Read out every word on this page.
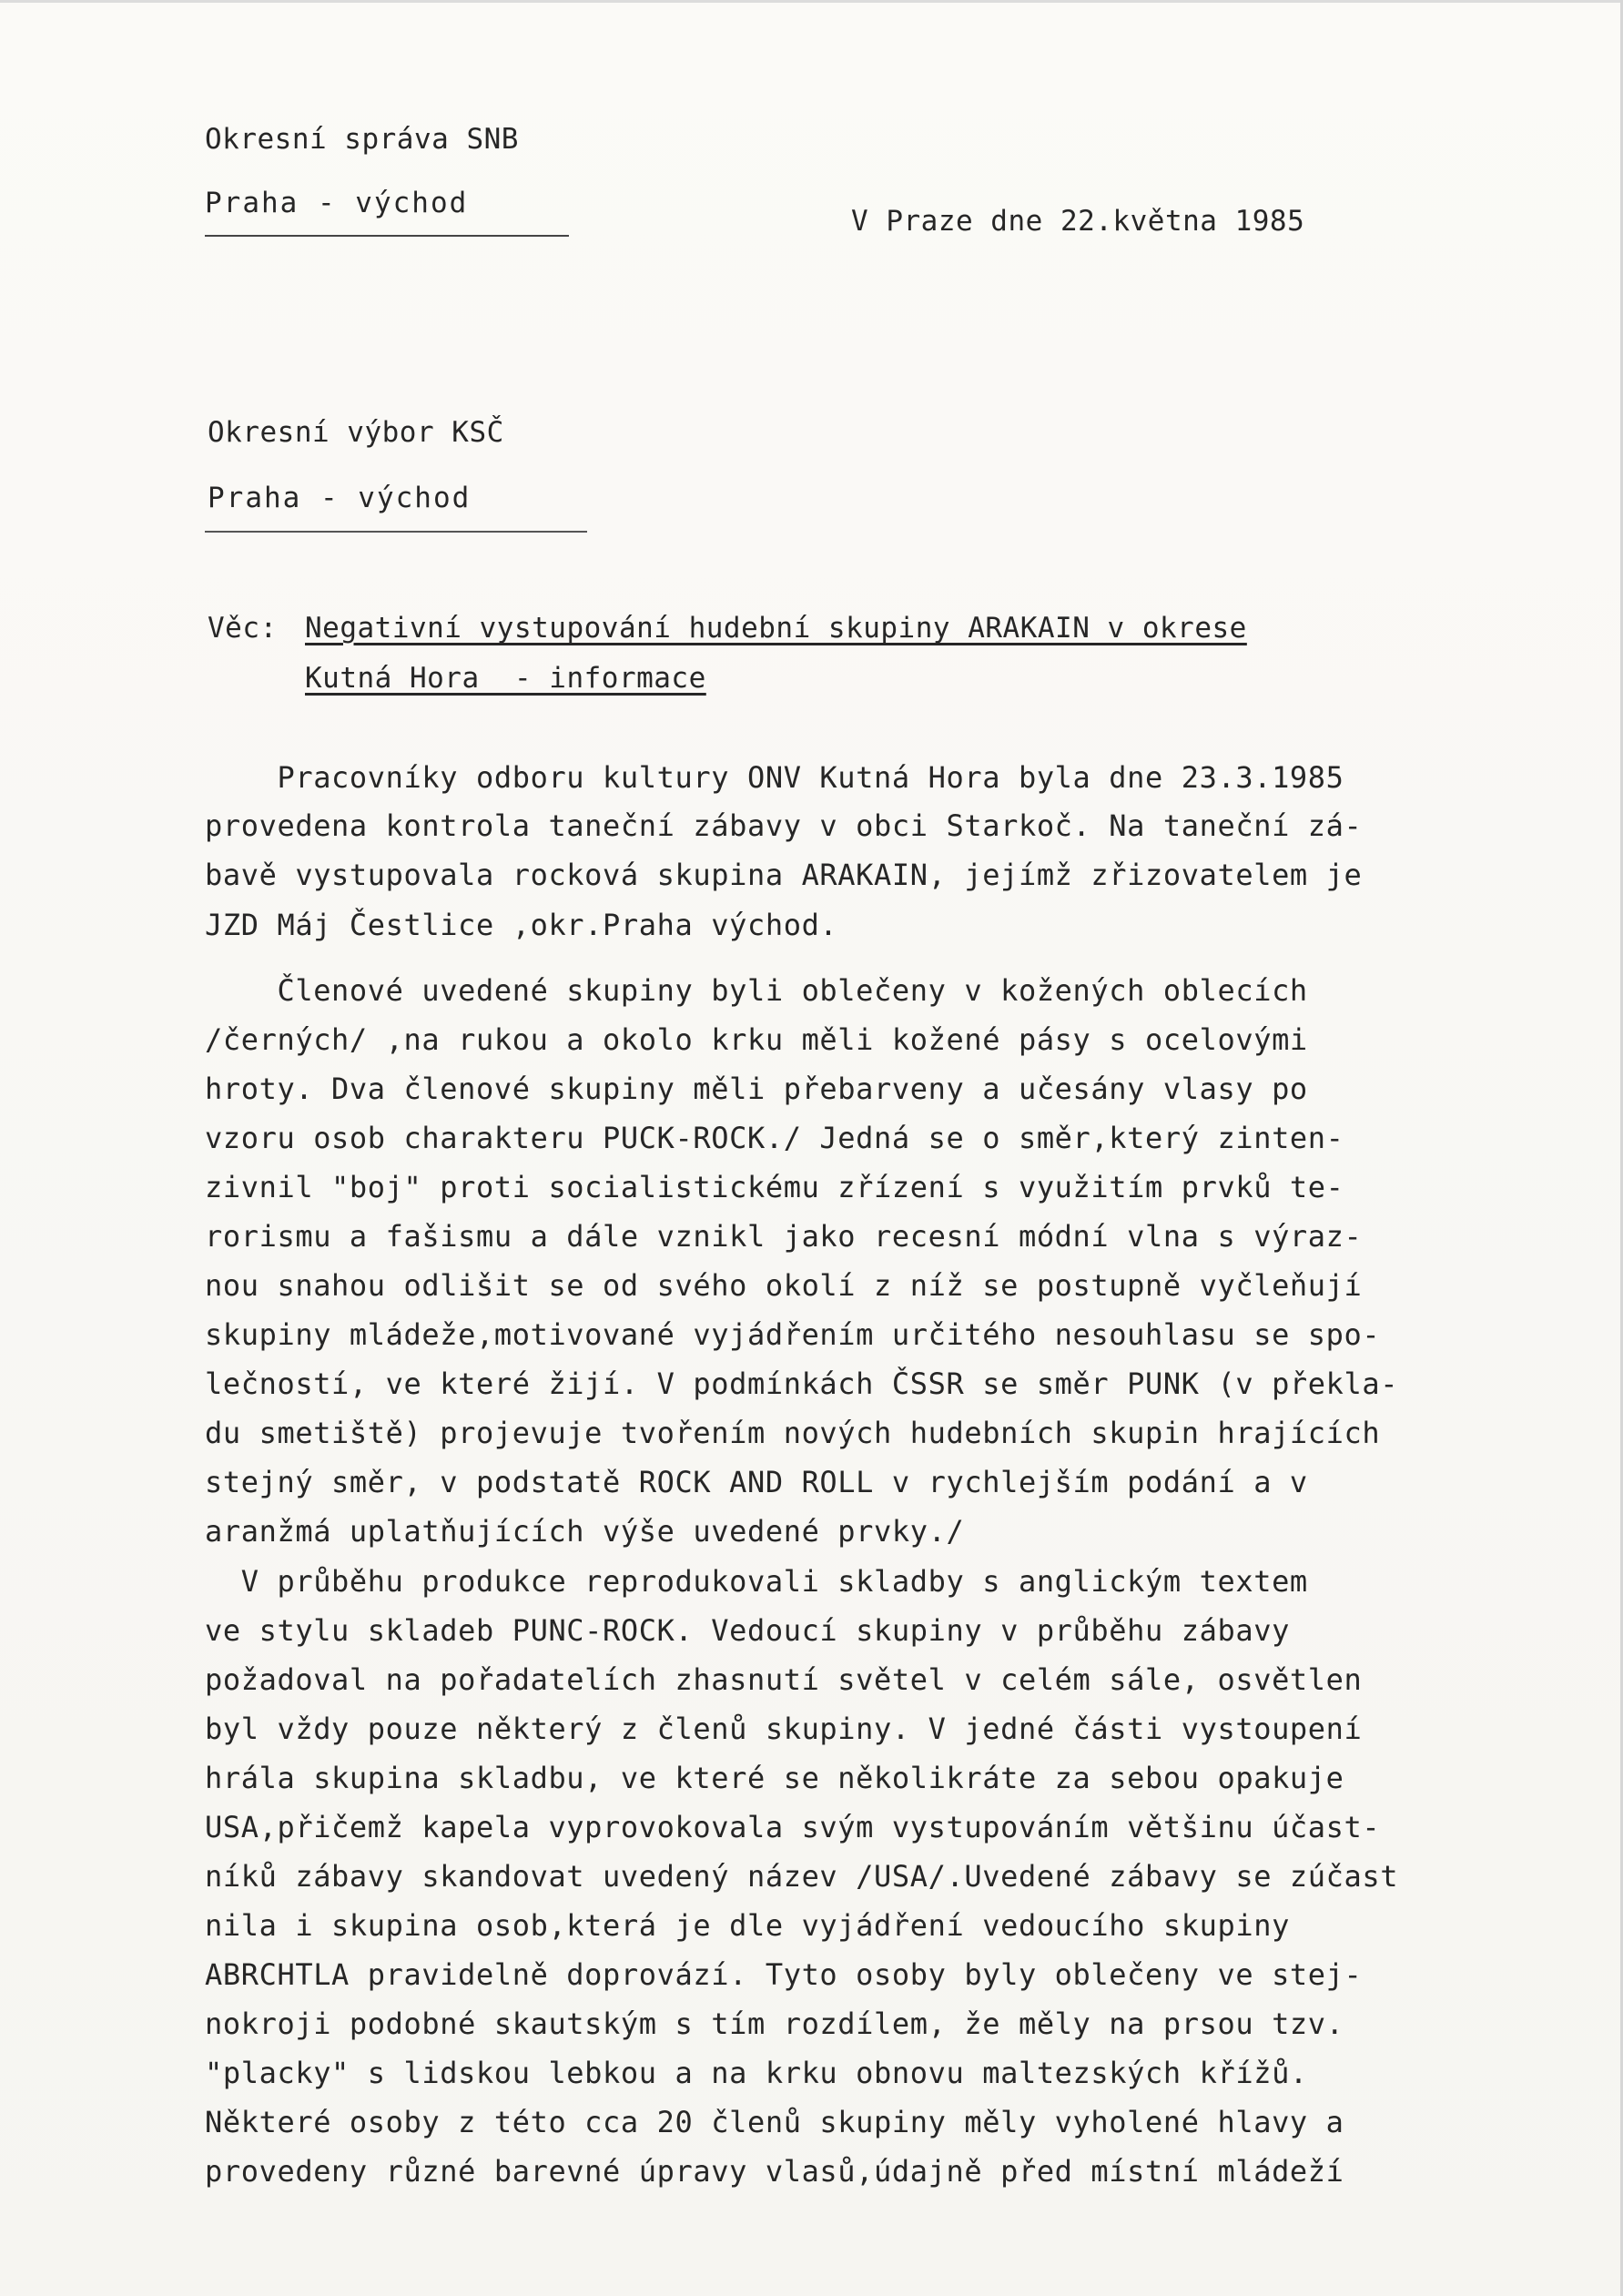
Okresní správa SNB
Praha - východ
V Praze dne 22.května 1985
Okresní výbor KSČ
Praha - východ
Věc: Negativní vystupování hudební skupiny ARAKAIN v okrese
Kutná Hora  - informace
Pracovníky odboru kultury ONV Kutná Hora byla dne 23.3.1985
provedena kontrola taneční zábavy v obci Starkoč. Na taneční zá-
bavě vystupovala rocková skupina ARAKAIN, jejímž zřizovatelem je
JZD Máj Čestlice ,okr.Praha východ.
Členové uvedené skupiny byli oblečeny v kožených oblecích
/černých/ ,na rukou a okolo krku měli kožené pásy s ocelovými
hroty. Dva členové skupiny měli přebarveny a učesány vlasy po
vzoru osob charakteru PUCK-ROCK./ Jedná se o směr,který zinten-
zivnil "boj" proti socialistickému zřízení s využitím prvků te-
rorismu a fašismu a dále vznikl jako recesní módní vlna s výraz-
nou snahou odlišit se od svého okolí z níž se postupně vyčleňují
skupiny mládeže,motivované vyjádřením určitého nesouhlasu se spo-
lečností, ve které žijí. V podmínkách ČSSR se směr PUNK (v překla-
du smetiště) projevuje tvořením nových hudebních skupin hrajících
stejný směr, v podstatě ROCK AND ROLL v rychlejším podání a v
aranžmá uplatňujících výše uvedené prvky./
V průběhu produkce reprodukovali skladby s anglickým textem
ve stylu skladeb PUNC-ROCK. Vedoucí skupiny v průběhu zábavy
požadoval na pořadatelích zhasnutí světel v celém sále, osvětlen
byl vždy pouze některý z členů skupiny. V jedné části vystoupení
hrála skupina skladbu, ve které se několikráte za sebou opakuje
USA,přičemž kapela vyprovokovala svým vystupováním většinu účast-
níků zábavy skandovat uvedený název /USA/.Uvedené zábavy se zúčast
nila i skupina osob,která je dle vyjádření vedoucího skupiny
ABRCHTLA pravidelně doprovází. Tyto osoby byly oblečeny ve stej-
nokroji podobné skautským s tím rozdílem, že měly na prsou tzv.
"placky" s lidskou lebkou a na krku obnovu maltezských křížů.
Některé osoby z této cca 20 členů skupiny měly vyholené hlavy a
provedeny různé barevné úpravy vlasů,údajně před místní mládeží
